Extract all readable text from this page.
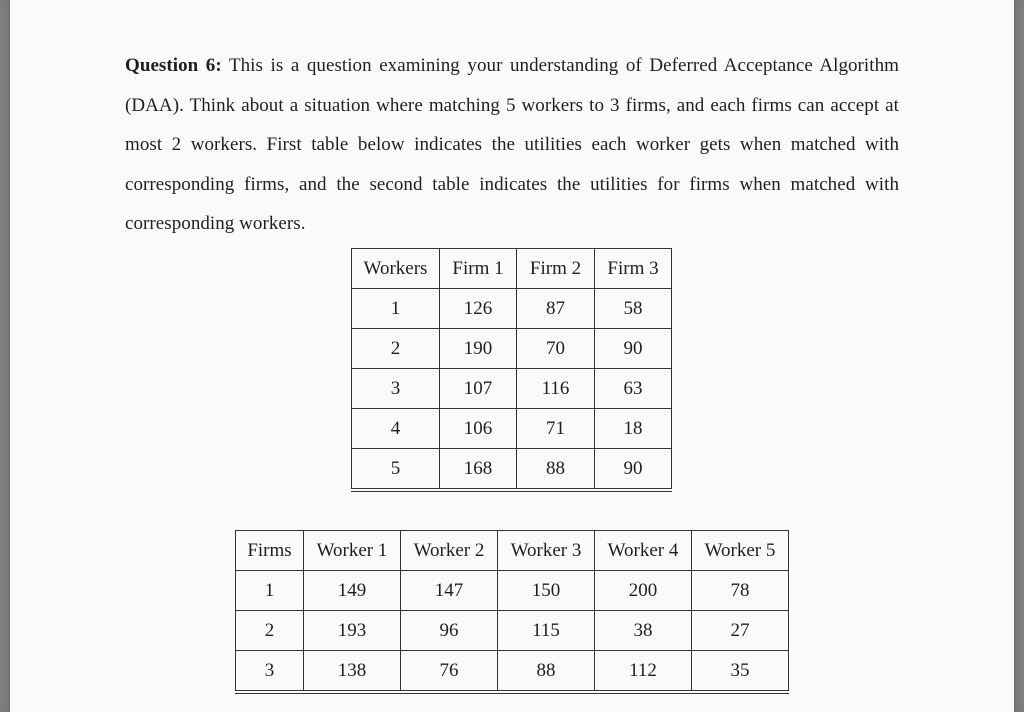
Question 6: This is a question examining your understanding of Deferred Acceptance Algorithm (DAA). Think about a situation where matching 5 workers to 3 firms, and each firms can accept at most 2 workers. First table below indicates the utilities each worker gets when matched with corresponding firms, and the second table indicates the utilities for firms when matched with corresponding workers.

Workers	Firm 1	Firm 2	Firm 3
1	126	87	58
2	190	70	90
3	107	116	63
4	106	71	18
5	168	88	90
Firms	Worker 1	Worker 2	Worker 3	Worker 4	Worker 5
1	149	147	150	200	78
2	193	96	115	38	27
3	138	76	88	112	35
